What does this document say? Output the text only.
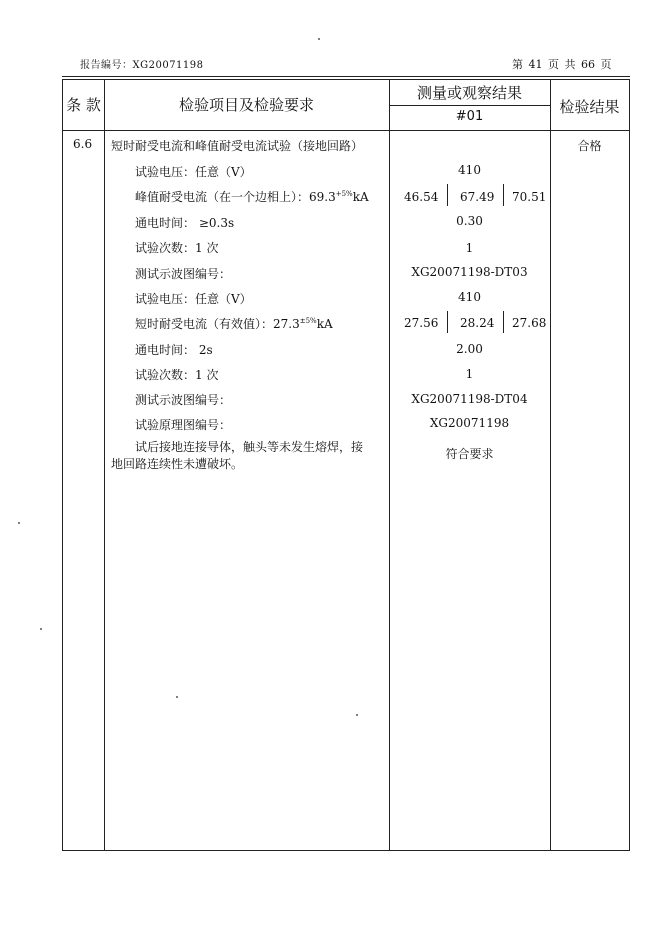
报告编号：XG20071198	第 41 页 共 66 页
条 款	检验项目及检验要求
测量或观察结果
#01
检验结果
6.6	合格
短时耐受电流和峰值耐受电流试验（接地回路）
试验电压：任意（V）	410
峰值耐受电流（在一个边相上）：$69.3^{+5\%}kA$	46.54 67.49 70.51
通电时间： ≥0.3s	0.30
试验次数：1 次	1
测试示波图编号：	XG20071198-DT03
试验电压：任意（V）	410
短时耐受电流（有效值）：$27.3^{\pm 5\%}kA$	27.56 28.24 27.68
通电时间： 2s	2.00
试验次数：1 次	1
测试示波图编号：	XG20071198-DT04
试验原理图编号：	XG20071198
试后接地连接导体，触头等未发生熔焊，接
地回路连续性未遭破坏。
符合要求
